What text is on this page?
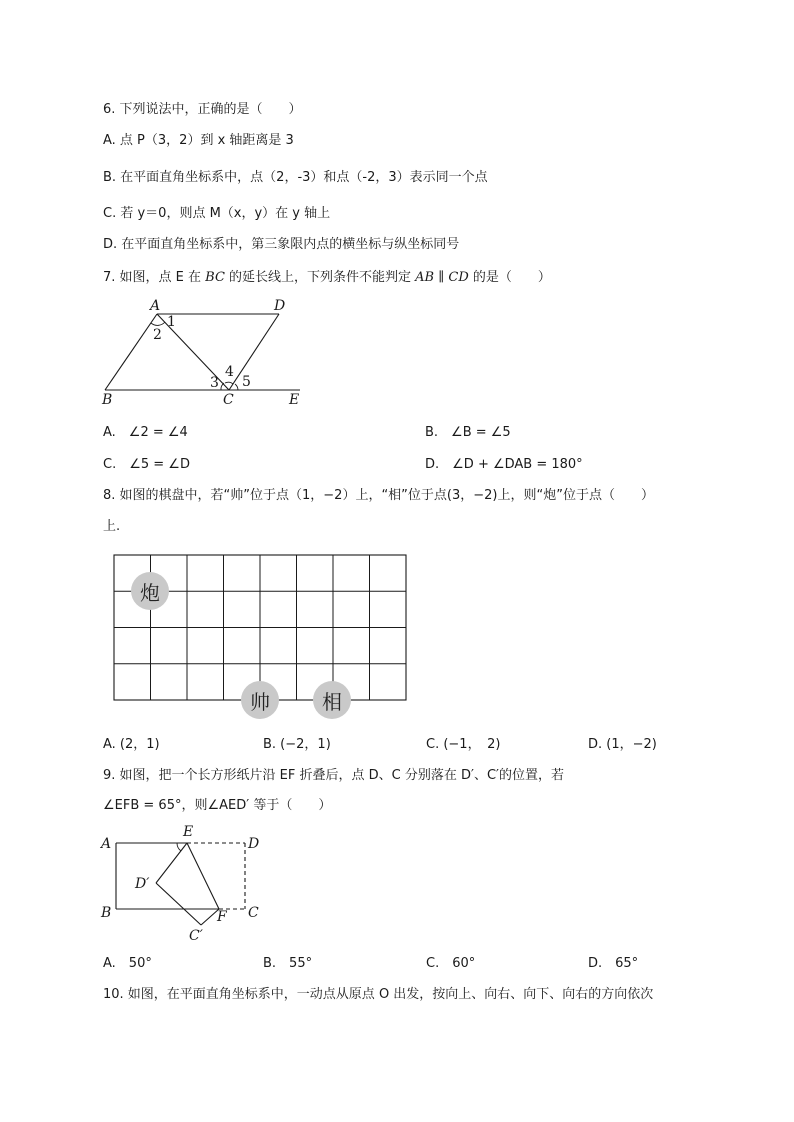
6. 下列说法中，正确的是（　　）
A. 点 P（3，2）到 x 轴距离是 3
B. 在平面直角坐标系中，点（2，-3）和点（-2，3）表示同一个点
C. 若 y＝0，则点 M（x，y）在 y 轴上
D. 在平面直角坐标系中，第三象限内点的横坐标与纵坐标同号
7. 如图，点 E 在 BC 的延长线上，下列条件不能判定 AB ∥ CD 的是（　　）
A	D
B	C	E
1
2
3
4
5
A.　∠2 = ∠4	B.　∠B = ∠5
C.　∠5 = ∠D	D.　∠D + ∠DAB = 180°
8. 如图的棋盘中，若“帅”位于点（1，−2）上，“相”位于点(3，−2)上，则“炮”位于点（　　）
上.
炮
帅	相
A. (2，1)	B. (−2，1)	C. (−1，　2)	D. (1，−2)
9. 如图，把一个长方形纸片沿 EF 折叠后，点 D、C 分别落在 D′、C′的位置，若
∠EFB = 65°，则∠AED′ 等于（　　）
A
E
D
D′
B	F C
C′
A.　50°	B.　55°	C.　60°	D.　65°
10. 如图，在平面直角坐标系中，一动点从原点 O 出发，按向上、向右、向下、向右的方向依次
